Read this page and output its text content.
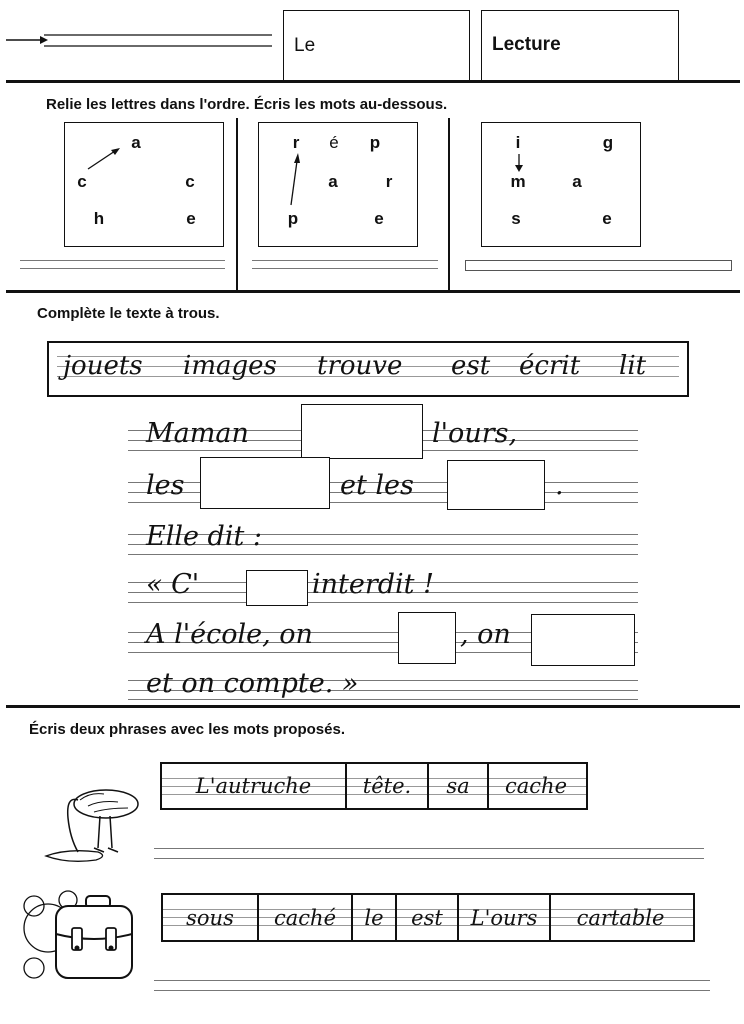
Le	Lecture
Relie les lettres dans l'ordre. Écris les mots au-dessous.
a
c	c
h	e
r é p
a	r
p	e
i	g
m	a
s	e
Complète le texte à trous.
jouets images trouve est écrit lit
Maman	l'ours,
les	et les	.
Elle dit :
« C'	interdit !
A l'école, on	, on
et on compte. »
Écris deux phrases avec les mots proposés.
L'autruche	tête.	sa	cache
sous	caché	le	est	L'ours	cartable
